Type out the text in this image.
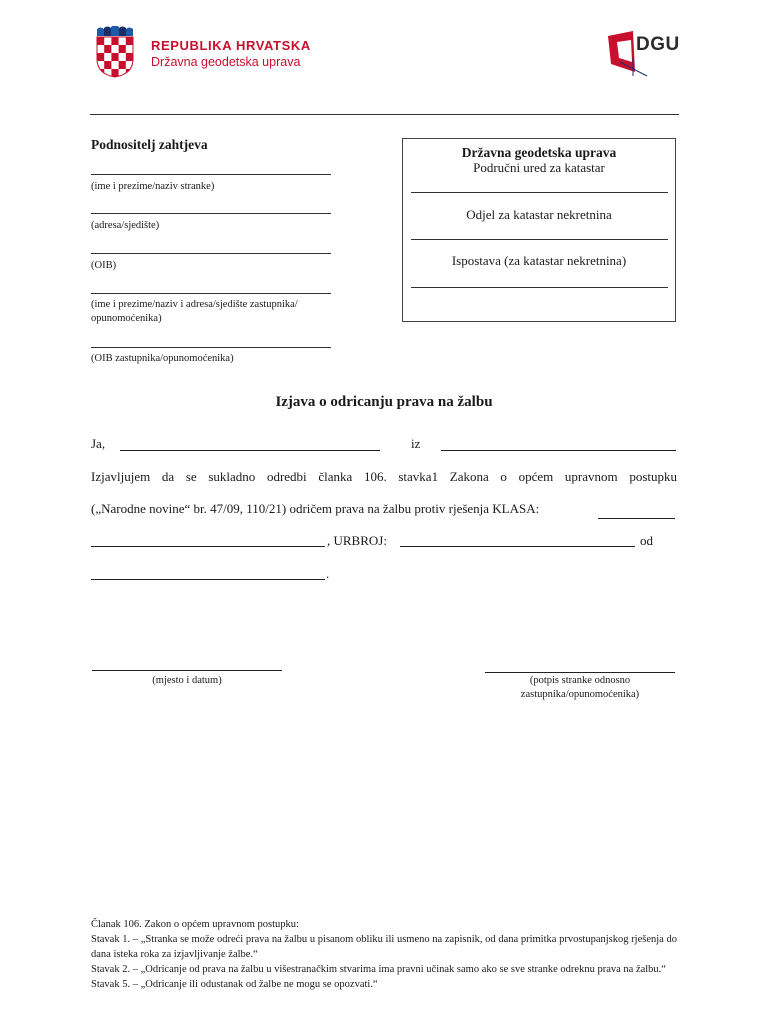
REPUBLIKA HRVATSKA
Državna geodetska uprava
DGU
Podnositelj zahtjeva
(ime i prezime/naziv stranke)
(adresa/sjedište)
(OIB)
(ime i prezime/naziv i adresa/sjedište zastupnika/
opunomoćenika)
(OIB zastupnika/opunomoćenika)
Državna geodetska uprava
Područni ured za katastar
Odjel za katastar nekretnina
Ispostava (za katastar nekretnina)
Izjava o odricanju prava na žalbu
Ja,	iz
Izjavljujem da se sukladno odredbi članka 106. stavka1 Zakona o općem upravnom postupku
(„Narodne novine“ br. 47/09, 110/21) odričem prava na žalbu protiv rješenja KLASA:
, URBROJ:	od
.
(mjesto i datum)	(potpis stranke odnosno
zastupnika/opunomoćenika)

Članak 106. Zakon o općem upravnom postupku:

Stavak 1. – „Stranka se može odreći prava na žalbu u pisanom obliku ili usmeno na zapisnik, od dana primitka prvostupanjskog rješenja do dana isteka roka za izjavljivanje žalbe.“

Stavak 2. – „Odricanje od prava na žalbu u višestranačkim stvarima ima pravni učinak samo ako se sve stranke odreknu prava na žalbu.“

Stavak 5. – „Odricanje ili odustanak od žalbe ne mogu se opozvati.“
